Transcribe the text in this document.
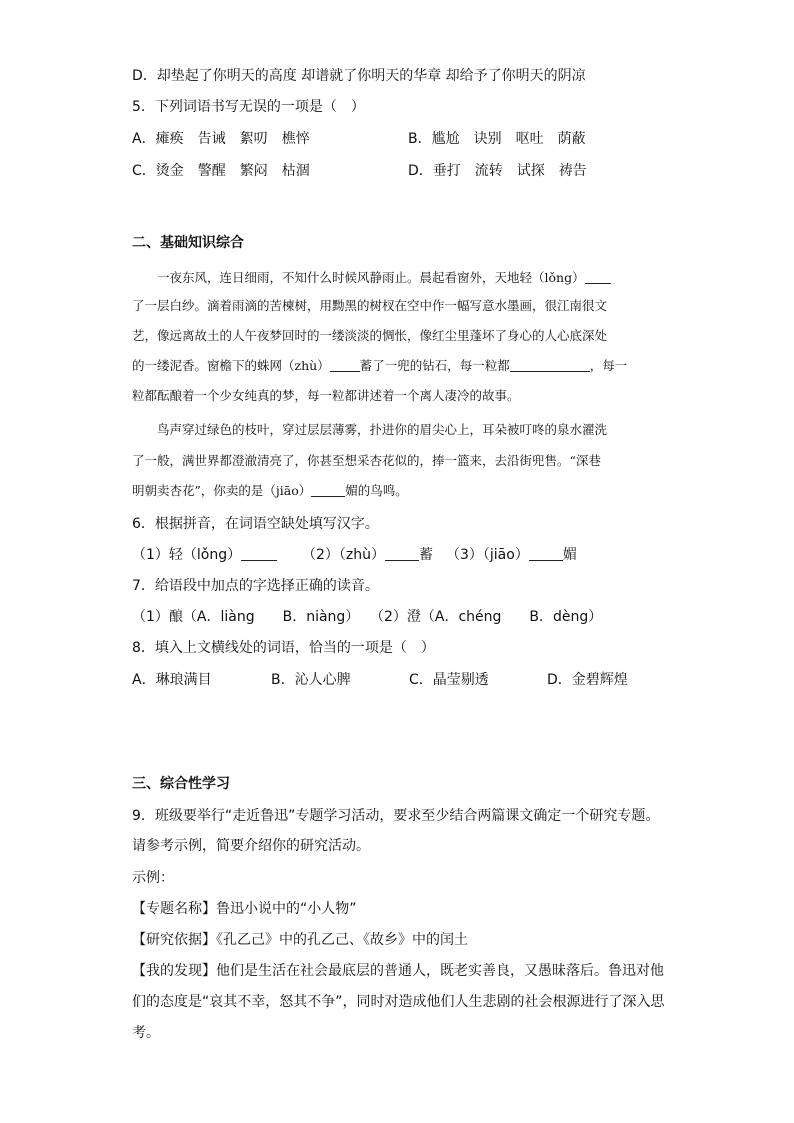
D．却垫起了你明天的高度 却谱就了你明天的华章 却给予了你明天的阴凉
5．下列词语书写无误的一项是（　）
A．瘫痪　告诫　絮叨　樵悴	B．尴尬　诀别　呕吐　荫蔽
C．烫金　警醒　繁闷　枯涸	D．垂打　流转　试探　祷告
二、基础知识综合
　　一夜东风，连日细雨，不知什么时候风静雨止。晨起看窗外，天地轻（lǒng）
了一层白纱。滴着雨滴的苦楝树，用黝黑的树杈在空中作一幅写意水墨画，很江南很文
艺，像远离故土的人午夜梦回时的一缕淡淡的惆怅，像红尘里蓬坏了身心的人心底深处
的一缕泥香。窗檐下的蛛网（zhù） 蓄了一兜的钻石，每一粒都	，每一
粒都酝酿着一个少女纯真的梦，每一粒都讲述着一个离人凄冷的故事。
　　鸟声穿过绿色的枝叶，穿过层层薄雾，扑进你的眉尖心上，耳朵被叮咚的泉水濯洗
了一般，满世界都澄澈清亮了，你甚至想采杏花似的，捧一篮来，去沿街兜售。“深巷
明朝卖杏花”，你卖的是（jiāo）	媚的鸟鸣。
6．根据拼音，在词语空缺处填写汉字。
（1）轻（lǒng）	（2）（zhù） 蓄 （3）（jiāo） 媚
7．给语段中加点的字选择正确的读音。
（1）酿（A．liàng　　B．niàng） （2）澄（A．chéng　　B．dèng）
8．填入上文横线处的词语，恰当的一项是（　）
A．琳琅满目	B．沁人心脾	C．晶莹剔透	D．金碧辉煌
三、综合性学习
9．班级要举行“走近鲁迅”专题学习活动，要求至少结合两篇课文确定一个研究专题。
请参考示例，简要介绍你的研究活动。
示例：
【专题名称】鲁迅小说中的“小人物”
【研究依据】《孔乙己》中的孔乙己、《故乡》中的闰土
【我的发现】他们是生活在社会最底层的普通人，既老实善良，又愚昧落后。鲁迅对他
们的态度是“哀其不幸，怒其不争”，同时对造成他们人生悲剧的社会根源进行了深入思
考。
